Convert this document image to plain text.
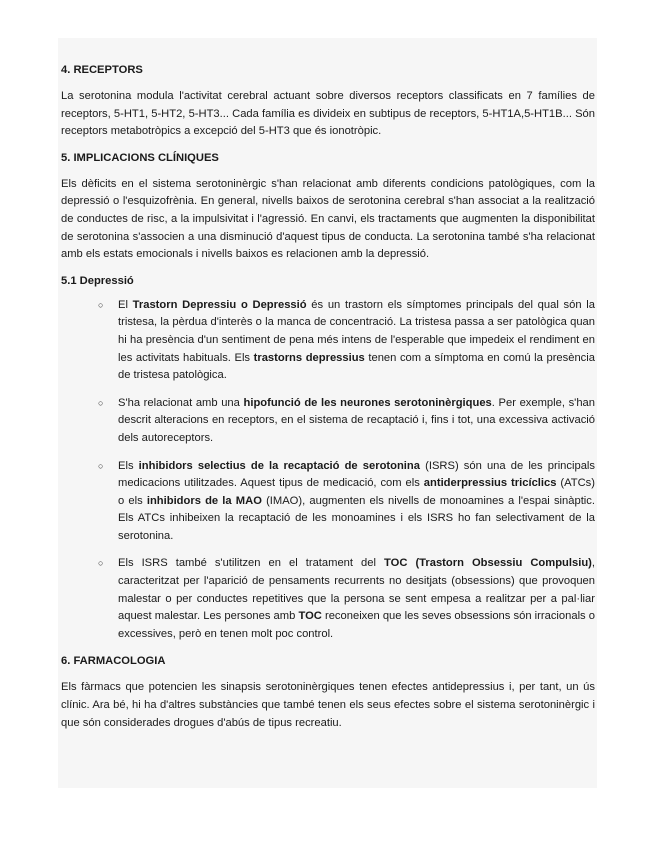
4. RECEPTORS

La serotonina modula l'activitat cerebral actuant sobre diversos receptors classificats en 7 famílies de receptors, 5-HT1, 5-HT2, 5-HT3... Cada família es divideix en subtipus de receptors, 5-HT1A,5-HT1B... Són receptors metabotròpics a excepció del 5-HT3 que és ionotròpic.

5. IMPLICACIONS CLÍNIQUES

Els dèficits en el sistema serotoninèrgic s'han relacionat amb diferents condicions patològiques, com la depressió o l'esquizofrènia. En general, nivells baixos de serotonina cerebral s'han associat a la realització de conductes de risc, a la impulsivitat i l'agressió. En canvi, els tractaments que augmenten la disponibilitat de serotonina s'associen a una disminució d'aquest tipus de conducta. La serotonina també s'ha relacionat amb els estats emocionals i nivells baixos es relacionen amb la depressió.

5.1 Depressió
○ El Trastorn Depressiu o Depressió és un trastorn els símptomes principals del qual són la tristesa, la pèrdua d'interès o la manca de concentració. La tristesa passa a ser patològica quan hi ha presència d'un sentiment de pena més intens de l'esperable que impedeix el rendiment en les activitats habituals. Els trastorns depressius tenen com a símptoma en comú la presència de tristesa patològica.
○ S'ha relacionat amb una hipofunció de les neurones serotoninèrgiques. Per exemple, s'han descrit alteracions en receptors, en el sistema de recaptació i, fins i tot, una excessiva activació dels autoreceptors.
○ Els inhibidors selectius de la recaptació de serotonina (ISRS) són una de les principals medicacions utilitzades. Aquest tipus de medicació, com els antiderpressius tricíclics (ATCs) o els inhibidors de la MAO (IMAO), augmenten els nivells de monoamines a l'espai sinàptic. Els ATCs inhibeixen la recaptació de les monoamines i els ISRS ho fan selectivament de la serotonina.
○ Els ISRS també s'utilitzen en el tratament del TOC (Trastorn Obsessiu Compulsiu), caracteritzat per l'aparició de pensaments recurrents no desitjats (obsessions) que provoquen malestar o per conductes repetitives que la persona se sent empesa a realitzar per a pal·liar aquest malestar. Les persones amb TOC reconeixen que les seves obsessions són irracionals o excessives, però en tenen molt poc control.
6. FARMACOLOGIA

Els fàrmacs que potencien les sinapsis serotoninèrgiques tenen efectes antidepressius i, per tant, un ús clínic. Ara bé, hi ha d'altres substàncies que també tenen els seus efectes sobre el sistema serotoninèrgic i que són considerades drogues d'abús de tipus recreatiu.
